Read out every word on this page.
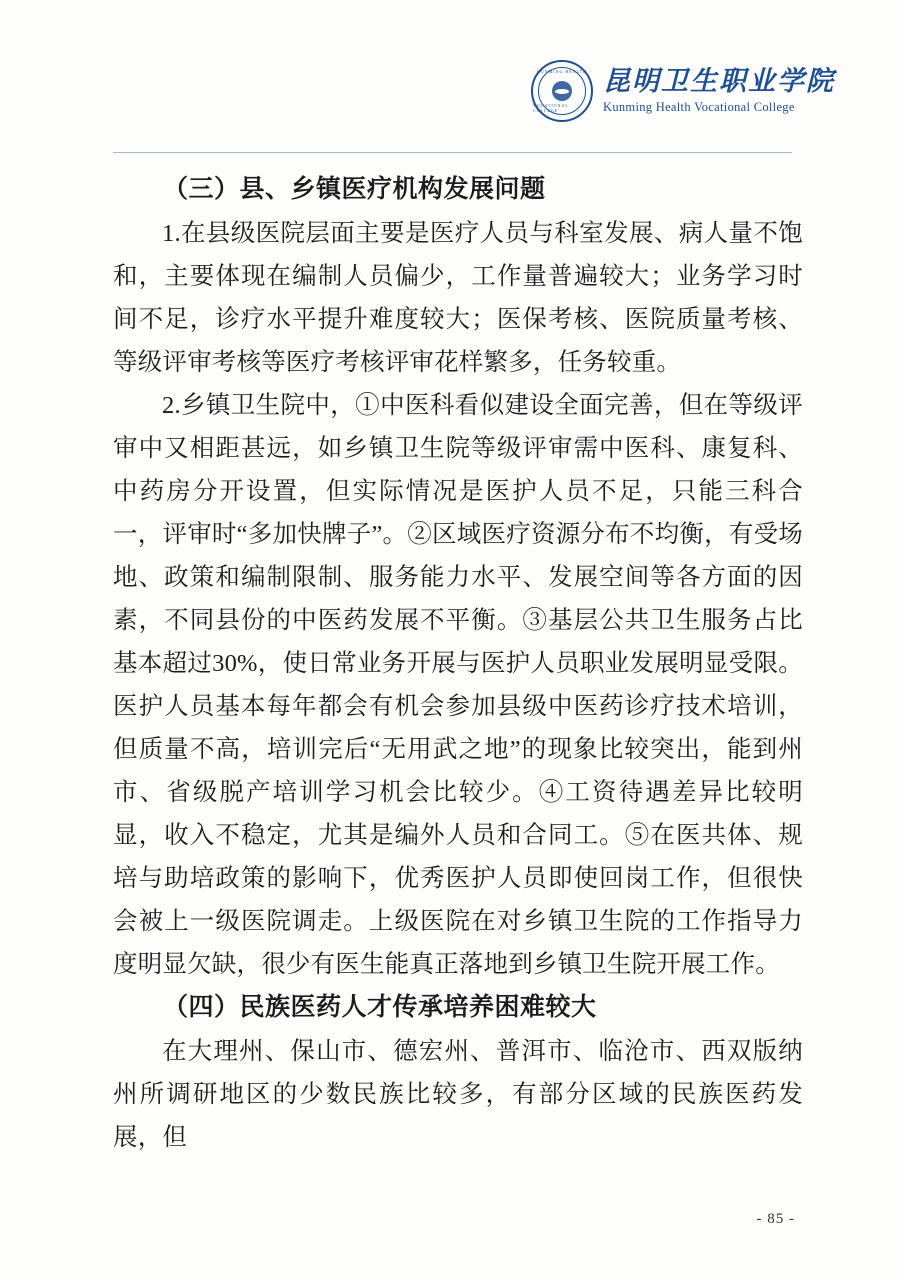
KUNMING HEALTH
VOCATIONAL COLLEGE
昆明卫生职业学院
Kunming Health Vocational College

（三）县、乡镇医疗机构发展问题

1.在县级医院层面主要是医疗人员与科室发展、病人量不饱和，主要体现在编制人员偏少，工作量普遍较大；业务学习时间不足，诊疗水平提升难度较大；医保考核、医院质量考核、等级评审考核等医疗考核评审花样繁多，任务较重。

2.乡镇卫生院中，①中医科看似建设全面完善，但在等级评审中又相距甚远，如乡镇卫生院等级评审需中医科、康复科、中药房分开设置，但实际情况是医护人员不足，只能三科合一，评审时“多加快牌子”。②区域医疗资源分布不均衡，有受场地、政策和编制限制、服务能力水平、发展空间等各方面的因素，不同县份的中医药发展不平衡。③基层公共卫生服务占比基本超过30%，使日常业务开展与医护人员职业发展明显受限。医护人员基本每年都会有机会参加县级中医药诊疗技术培训，但质量不高，培训完后“无用武之地”的现象比较突出，能到州市、省级脱产培训学习机会比较少。④工资待遇差异比较明显，收入不稳定，尤其是编外人员和合同工。⑤在医共体、规培与助培政策的影响下，优秀医护人员即使回岗工作，但很快会被上一级医院调走。上级医院在对乡镇卫生院的工作指导力度明显欠缺，很少有医生能真正落地到乡镇卫生院开展工作。

（四）民族医药人才传承培养困难较大

在大理州、保山市、德宏州、普洱市、临沧市、西双版纳州所调研地区的少数民族比较多，有部分区域的民族医药发展，但

- 85 -
